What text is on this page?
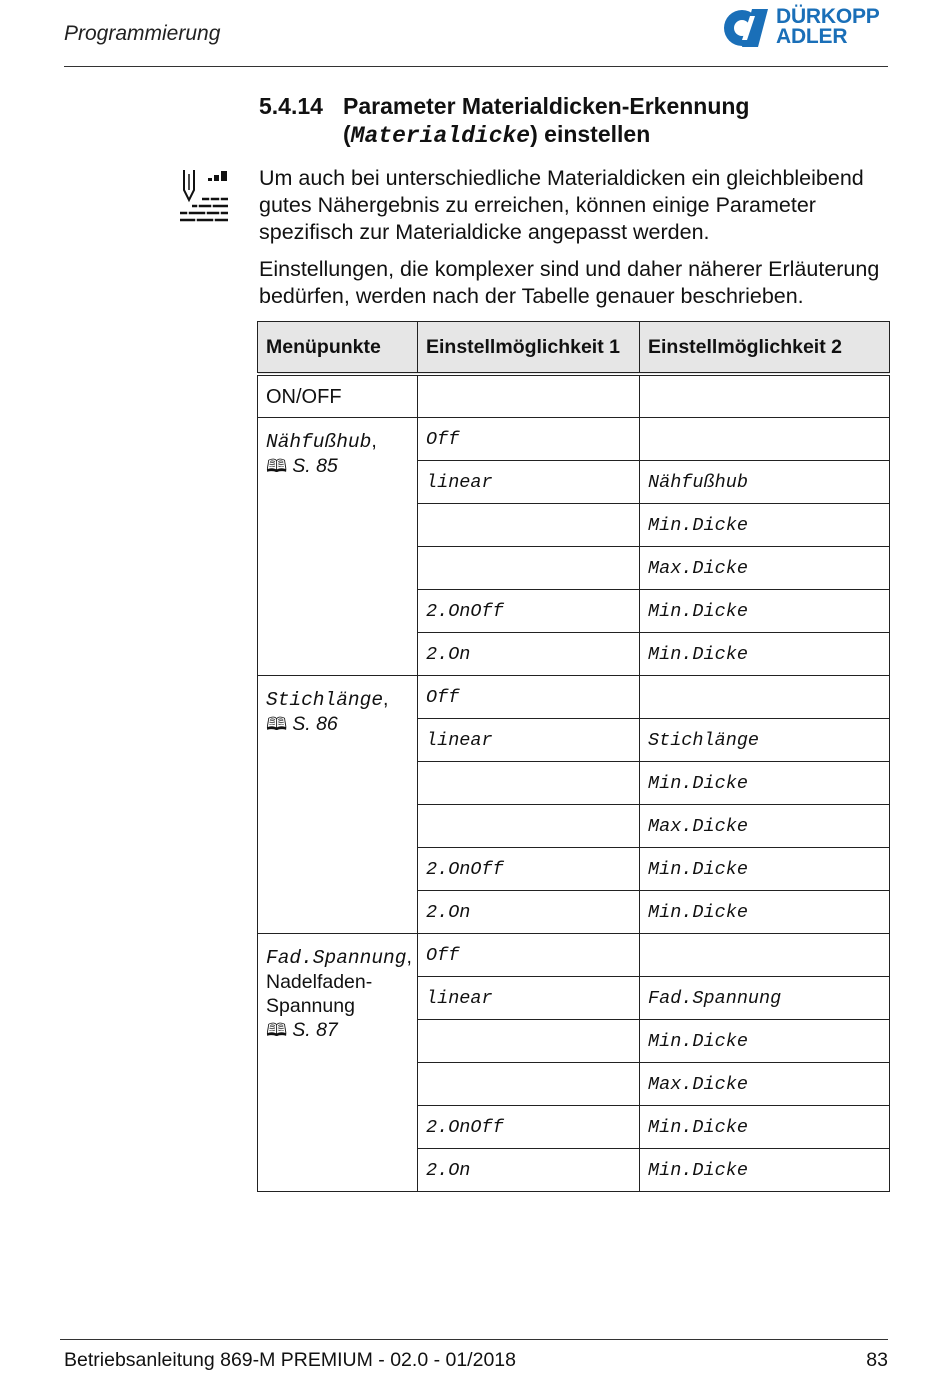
Programmierung
DÜRKOPP
ADLER
5.4.14 Parameter Materialdicken-Erkennung
(Materialdicke) einstellen
Um auch bei unterschiedliche Materialdicken ein gleichbleibend gutes Nähergebnis zu erreichen, können einige Parameter spezifisch zur Materialdicke angepasst werden.
Einstellungen, die komplexer sind und daher näherer Erläuterung bedürfen, werden nach der Tabelle genauer beschrieben.
Menüpunkte	Einstellmöglichkeit 1	Einstellmöglichkeit 2
ON/OFF		

Nähfußhub,
🕮 S. 85	Off	
	linear	Nähfußhub
		Min.Dicke
		Max.Dicke
	2.OnOff	Min.Dicke
	2.On	Min.Dicke

Stichlänge,
🕮 S. 86	Off	
	linear	Stichlänge
		Min.Dicke
		Max.Dicke
	2.OnOff	Min.Dicke
	2.On	Min.Dicke

Fad.Spannung,
Nadelfaden-
Spannung
🕮 S. 87	Off	
	linear	Fad.Spannung
		Min.Dicke
		Max.Dicke
	2.OnOff	Min.Dicke
	2.On	Min.Dicke
Betriebsanleitung 869-M PREMIUM - 02.0 - 01/2018	83
